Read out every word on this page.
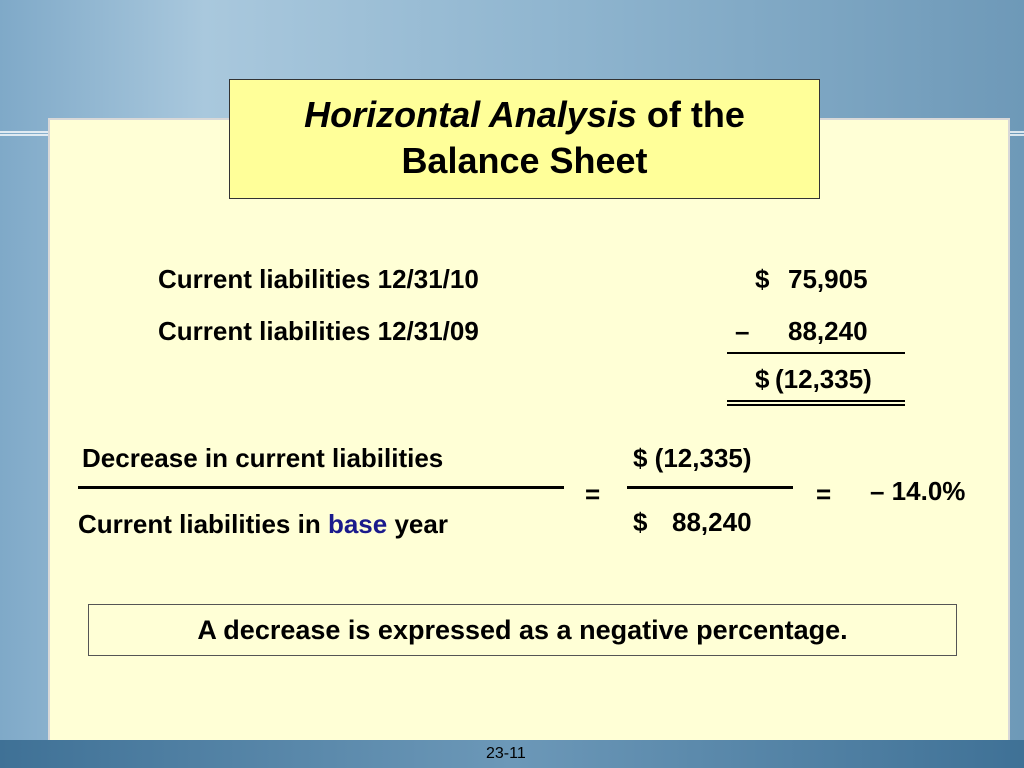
Horizontal Analysis of the
Balance Sheet
Current liabilities 12/31/10	$ 75,905
Current liabilities 12/31/09	– 88,240
$ (12,335)
Decrease in current liabilities
Current liabilities in base year
=
$ (12,335)
$ 88,240
= – 14.0%
A decrease is expressed as a negative percentage.
23-11
